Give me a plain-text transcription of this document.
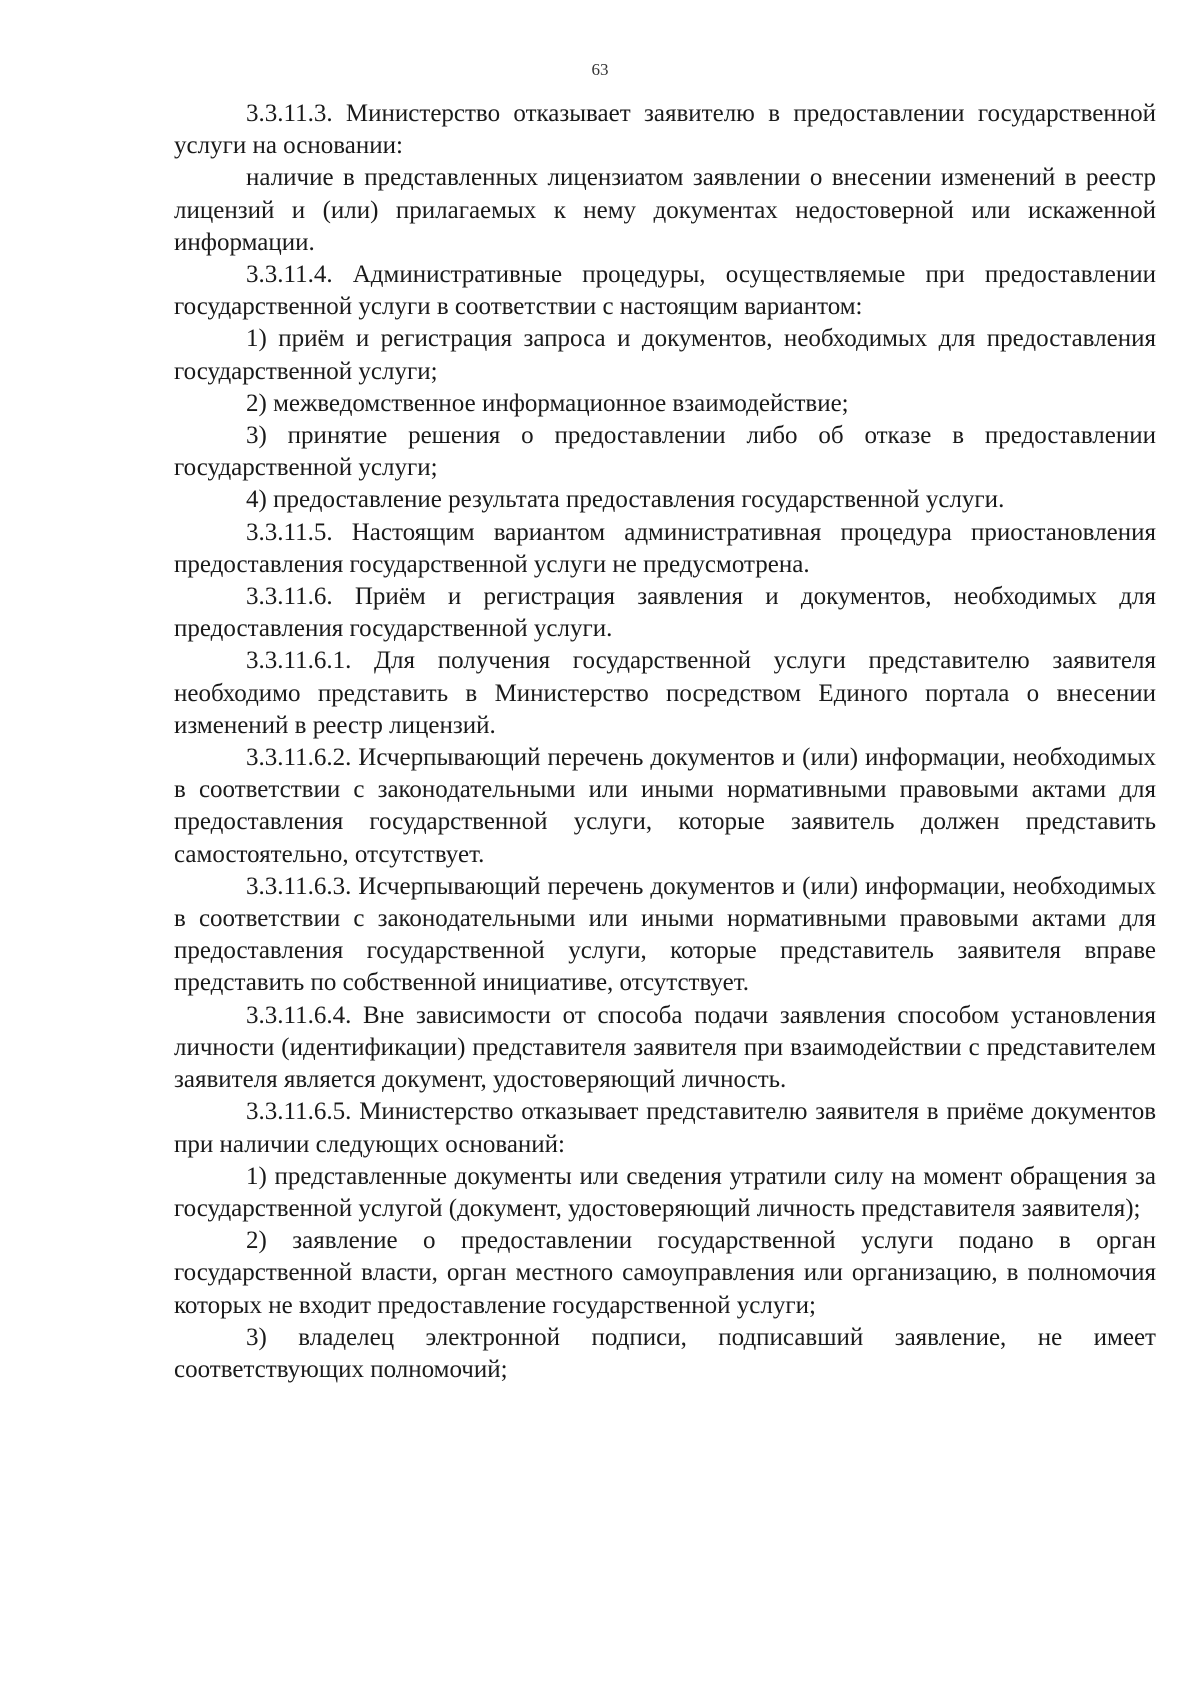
63

3.3.11.3. Министерство отказывает заявителю в предоставлении государственной услуги на основании:

наличие в представленных лицензиатом заявлении о внесении изменений в реестр лицензий и (или) прилагаемых к нему документах недостоверной или искаженной информации.

3.3.11.4. Административные процедуры, осуществляемые при предоставлении государственной услуги в соответствии с настоящим вариантом:

1) приём и регистрация запроса и документов, необходимых для предоставления государственной услуги;

2) межведомственное информационное взаимодействие;

3) принятие решения о предоставлении либо об отказе в предоставлении государственной услуги;

4) предоставление результата предоставления государственной услуги.

3.3.11.5. Настоящим вариантом административная процедура приостановления предоставления государственной услуги не предусмотрена.

3.3.11.6. Приём и регистрация заявления и документов, необходимых для предоставления государственной услуги.

3.3.11.6.1. Для получения государственной услуги представителю заявителя необходимо представить в Министерство посредством Единого портала о внесении изменений в реестр лицензий.

3.3.11.6.2. Исчерпывающий перечень документов и (или) информации, необходимых в соответствии с законодательными или иными нормативными правовыми актами для предоставления государственной услуги, которые заявитель должен представить самостоятельно, отсутствует.

3.3.11.6.3. Исчерпывающий перечень документов и (или) информации, необходимых в соответствии с законодательными или иными нормативными правовыми актами для предоставления государственной услуги, которые представитель заявителя вправе представить по собственной инициативе, отсутствует.

3.3.11.6.4. Вне зависимости от способа подачи заявления способом установления личности (идентификации) представителя заявителя при взаимодействии с представителем заявителя является документ, удостоверяющий личность.

3.3.11.6.5. Министерство отказывает представителю заявителя в приёме документов при наличии следующих оснований:

1) представленные документы или сведения утратили силу на момент обращения за государственной услугой (документ, удостоверяющий личность представителя заявителя);

2) заявление о предоставлении государственной услуги подано в орган государственной власти, орган местного самоуправления или организацию, в полномочия которых не входит предоставление государственной услуги;

3) владелец электронной подписи, подписавший заявление, не имеет соответствующих полномочий;
